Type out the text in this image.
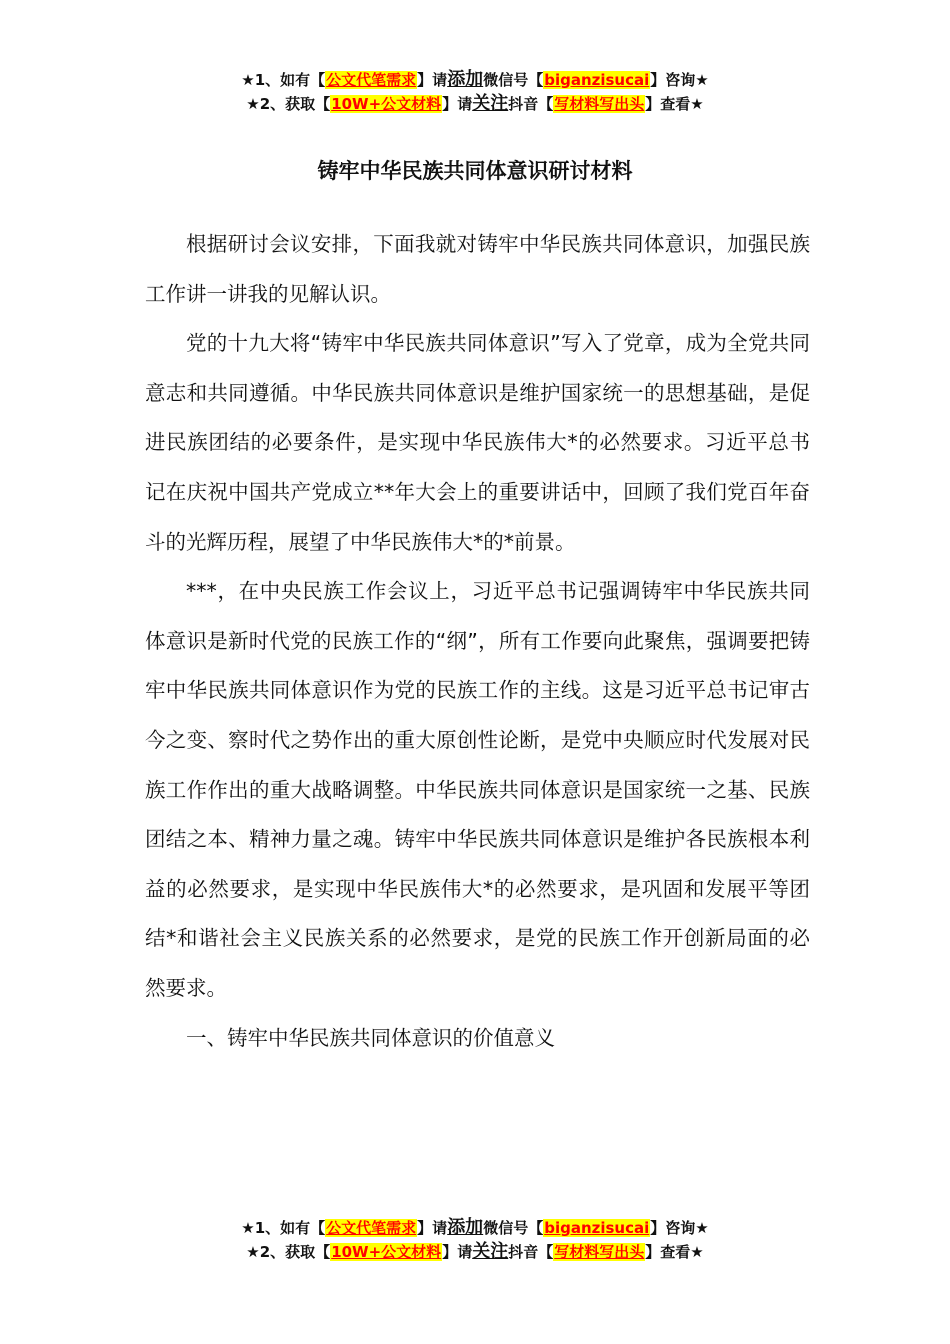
★1、如有【公文代笔需求】请添加微信号【biganzisucai】咨询★
★2、获取【10W+公文材料】请关注抖音【写材料写出头】查看★
铸牢中华民族共同体意识研讨材料

根据研讨会议安排，下面我就对铸牢中华民族共同体意识，加强民族工作讲一讲我的见解认识。

党的十九大将“铸牢中华民族共同体意识”写入了党章，成为全党共同意志和共同遵循。中华民族共同体意识是维护国家统一的思想基础，是促进民族团结的必要条件，是实现中华民族伟大*的必然要求。习近平总书记在庆祝中国共产党成立**年大会上的重要讲话中，回顾了我们党百年奋斗的光辉历程，展望了中华民族伟大*的*前景。

***，在中央民族工作会议上，习近平总书记强调铸牢中华民族共同体意识是新时代党的民族工作的“纲”，所有工作要向此聚焦，强调要把铸牢中华民族共同体意识作为党的民族工作的主线。这是习近平总书记审古今之变、察时代之势作出的重大原创性论断，是党中央顺应时代发展对民族工作作出的重大战略调整。中华民族共同体意识是国家统一之基、民族团结之本、精神力量之魂。铸牢中华民族共同体意识是维护各民族根本利益的必然要求，是实现中华民族伟大*的必然要求，是巩固和发展平等团结*和谐社会主义民族关系的必然要求，是党的民族工作开创新局面的必然要求。

一、铸牢中华民族共同体意识的价值意义

★1、如有【公文代笔需求】请添加微信号【biganzisucai】咨询★
★2、获取【10W+公文材料】请关注抖音【写材料写出头】查看★
